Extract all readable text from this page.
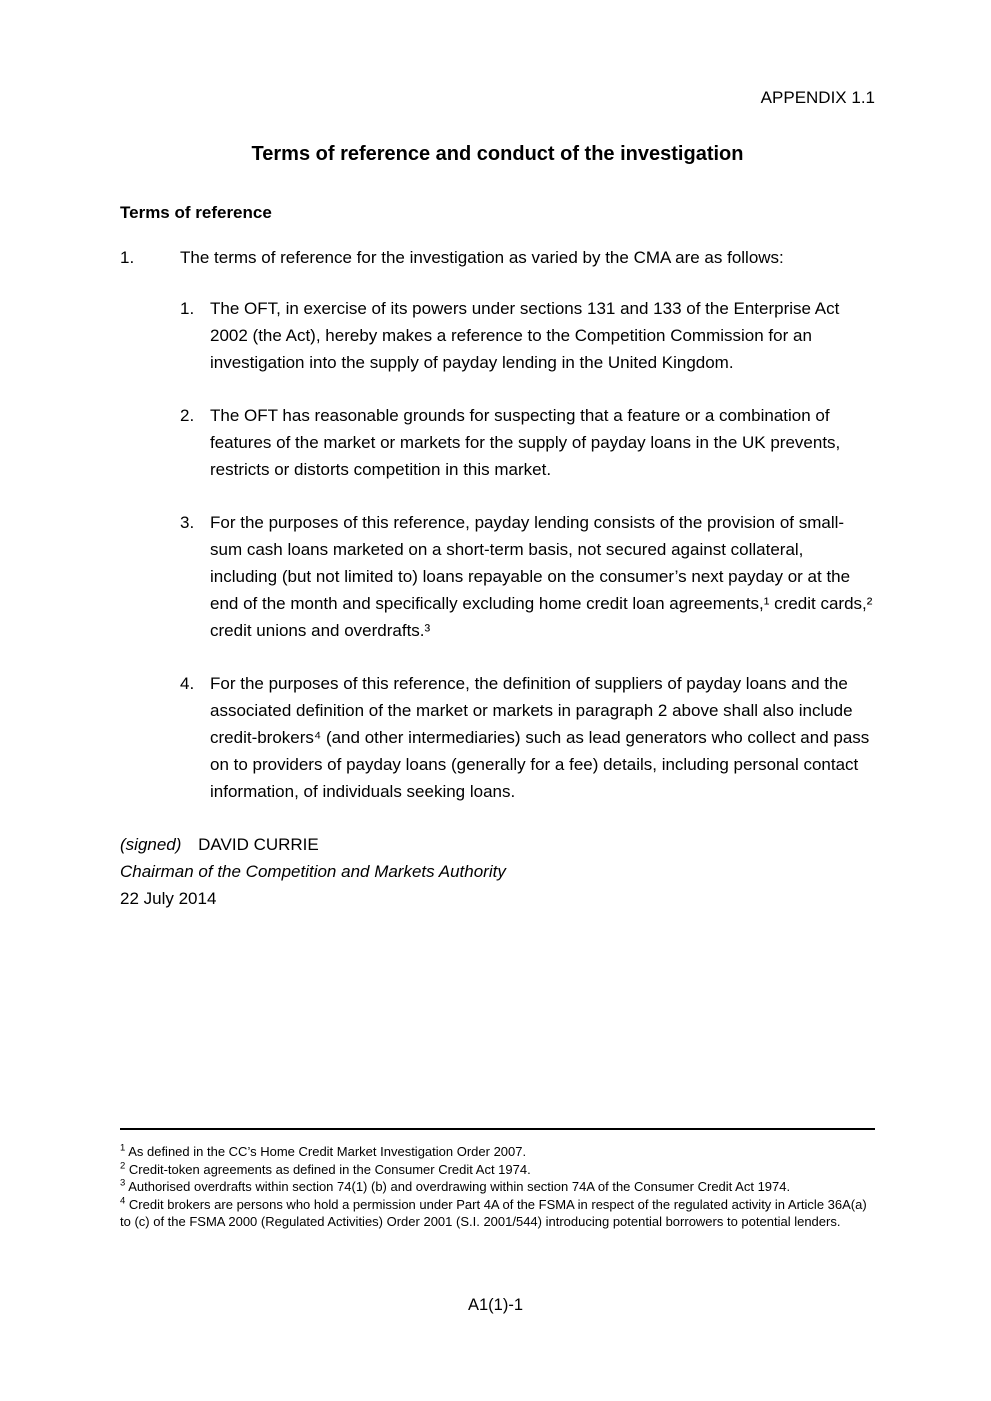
APPENDIX 1.1
Terms of reference and conduct of the investigation
Terms of reference
1.	The terms of reference for the investigation as varied by the CMA are as follows:
1. The OFT, in exercise of its powers under sections 131 and 133 of the Enterprise Act 2002 (the Act), hereby makes a reference to the Competition Commission for an investigation into the supply of payday lending in the United Kingdom.
2. The OFT has reasonable grounds for suspecting that a feature or a combination of features of the market or markets for the supply of payday loans in the UK prevents, restricts or distorts competition in this market.
3. For the purposes of this reference, payday lending consists of the provision of small-sum cash loans marketed on a short-term basis, not secured against collateral, including (but not limited to) loans repayable on the consumer’s next payday or at the end of the month and specifically excluding home credit loan agreements,¹ credit cards,² credit unions and overdrafts.³
4. For the purposes of this reference, the definition of suppliers of payday loans and the associated definition of the market or markets in paragraph 2 above shall also include credit-brokers⁴ (and other intermediaries) such as lead generators who collect and pass on to providers of payday loans (generally for a fee) details, including personal contact information, of individuals seeking loans.
(signed) DAVID CURRIE
Chairman of the Competition and Markets Authority
22 July 2014
$^1$ As defined in the CC’s Home Credit Market Investigation Order 2007.
$^2$ Credit-token agreements as defined in the Consumer Credit Act 1974.
$^3$ Authorised overdrafts within section 74(1) (b) and overdrawing within section 74A of the Consumer Credit Act 1974.
$^4$ Credit brokers are persons who hold a permission under Part 4A of the FSMA in respect of the regulated activity in Article 36A(a) to (c) of the FSMA 2000 (Regulated Activities) Order 2001 (S.I. 2001/544) introducing potential borrowers to potential lenders.
A1(1)-1
